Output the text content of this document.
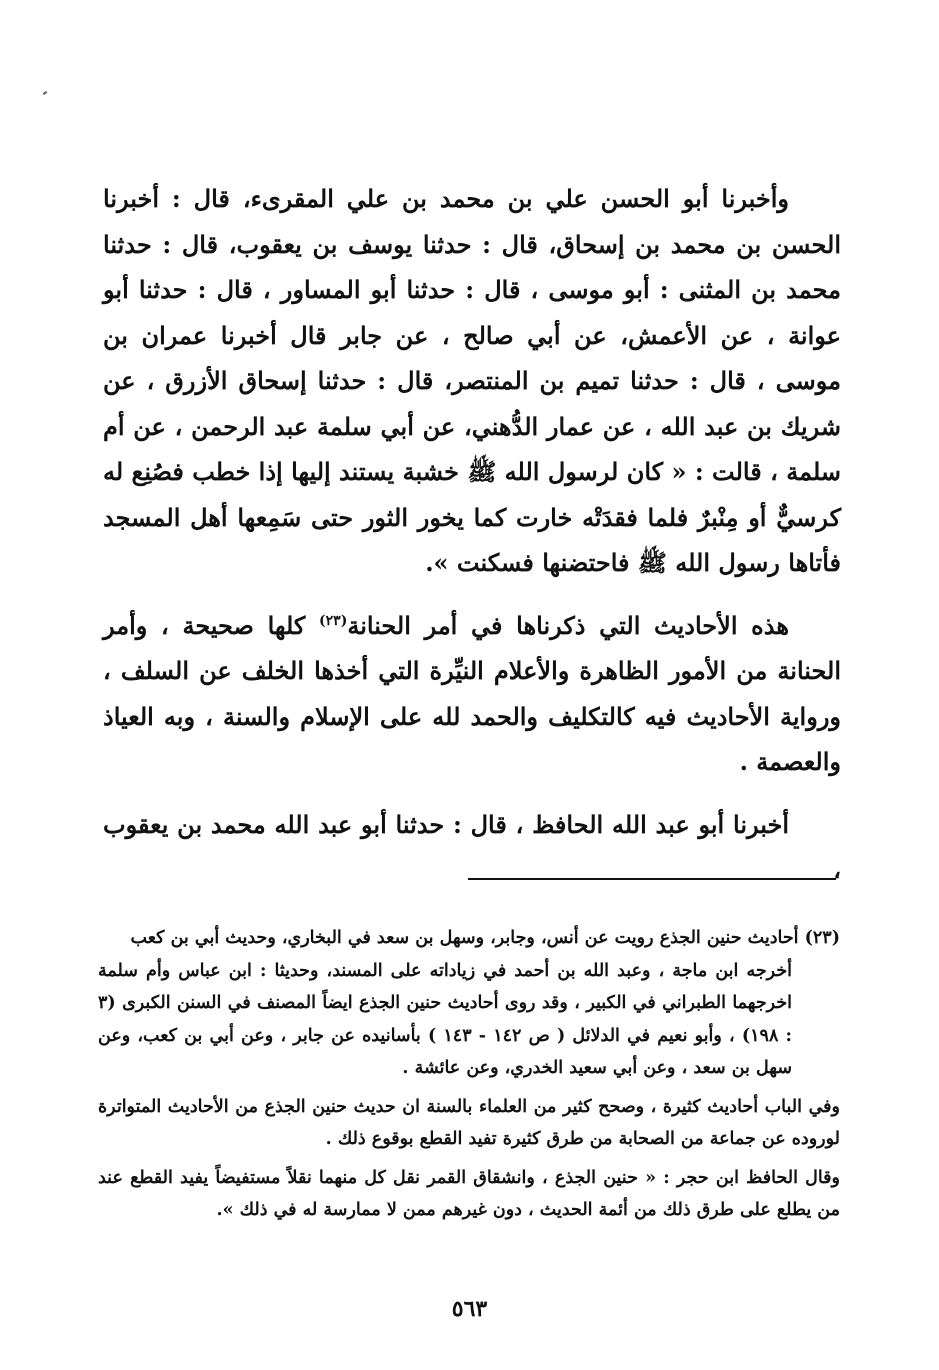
وأخبرنا أبو الحسن علي بن محمد بن علي المقرىء، قال : أخبرنا الحسن بن محمد بن إسحاق، قال : حدثنا يوسف بن يعقوب، قال : حدثنا محمد بن المثنى : أبو موسى ، قال : حدثنا أبو المساور ، قال : حدثنا أبو عوانة ، عن الأعمش، عن أبي صالح ، عن جابر قال أخبرنا عمران بن موسى ، قال : حدثنا تميم بن المنتصر، قال : حدثنا إسحاق الأزرق ، عن شريك بن عبد الله ، عن عمار الدُّهني، عن أبي سلمة عبد الرحمن ، عن أم سلمة ، قالت : « كان لرسول الله ﷺ خشبة يستند إليها إذا خطب فصُنِع له كرسيٌّ أو مِنْبرٌ فلما فقدَتْه خارت كما يخور الثور حتى سَمِعها أهل المسجد فأتاها رسول الله ﷺ فاحتضنها فسكنت ».

هذه الأحاديث التي ذكرناها في أمر الحنانة$^{(٢٣)}$ كلها صحيحة ، وأمر الحنانة من الأمور الظاهرة والأعلام النيِّرة التي أخذها الخلف عن السلف ، ورواية الأحاديث فيه كالتكليف والحمد لله على الإسلام والسنة ، وبه العياذ والعصمة .

أخبرنا أبو عبد الله الحافظ ، قال : حدثنا أبو عبد الله محمد بن يعقوب ،

(٢٣) أحاديث حنين الجذع رويت عن أنس، وجابر، وسهل بن سعد في البخاري، وحديث أبي بن كعب

أخرجه ابن ماجة ، وعبد الله بن أحمد في زياداته على المسند، وحديثا : ابن عباس وأم سلمة اخرجهما الطبراني في الكبير ، وقد روى أحاديث حنين الجذع ايضاً المصنف في السنن الكبرى (٣ : ١٩٨) ، وأبو نعيم في الدلائل ( ص ١٤٢ - ١٤٣ ) بأسانيده عن جابر ، وعن أبي بن كعب، وعن سهل بن سعد ، وعن أبي سعيد الخدري، وعن عائشة .

وفي الباب أحاديث كثيرة ، وصحح كثير من العلماء بالسنة ان حديث حنين الجذع من الأحاديث المتواترة لوروده عن جماعة من الصحابة من طرق كثيرة تفيد القطع بوقوع ذلك .

وقال الحافظ ابن حجر : « حنين الجذع ، وانشقاق القمر نقل كل منهما نقلاً مستفيضاً يفيد القطع عند من يطلع على طرق ذلك من أئمة الحديث ، دون غيرهم ممن لا ممارسة له في ذلك ».

٥٦٣
